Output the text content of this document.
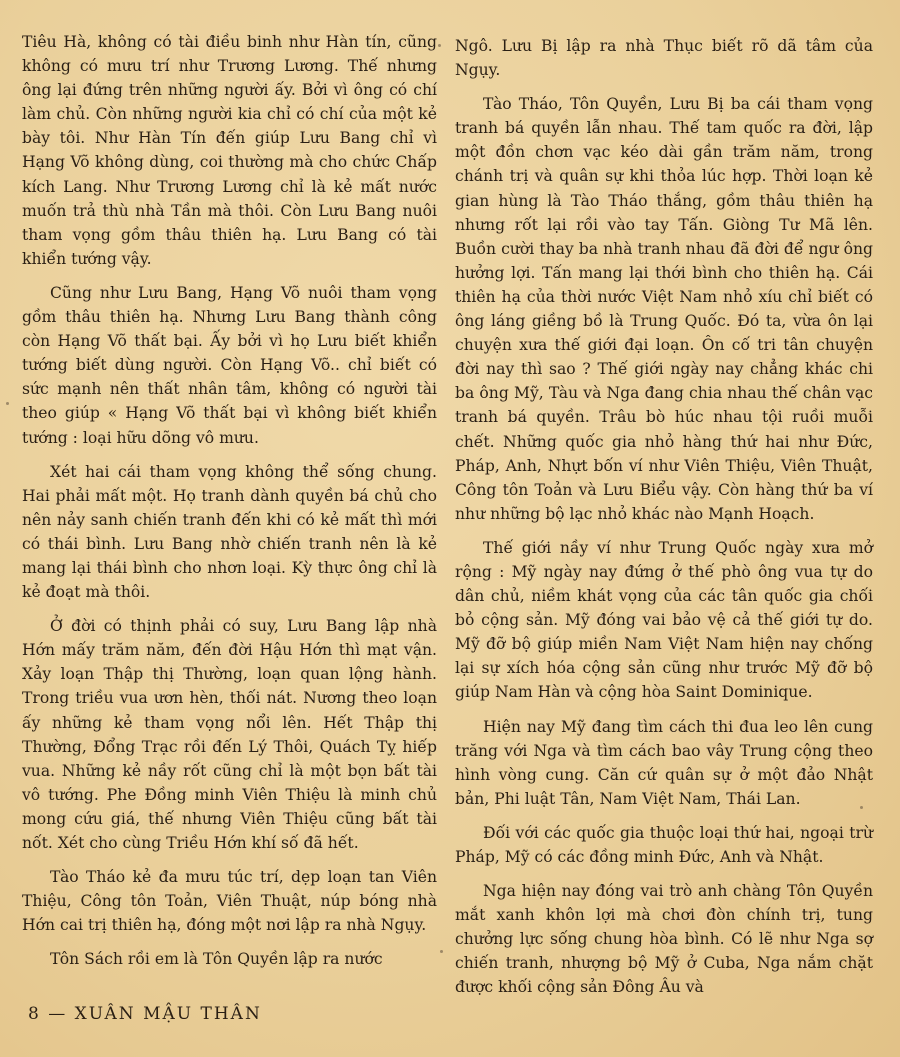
Tiêu Hà, không có tài điều binh như Hàn tín, cũng không có mưu trí như Trương Lương. Thế nhưng ông lại đứng trên những người ấy. Bởi vì ông có chí làm chủ. Còn những người kia chỉ có chí của một kẻ bày tôi. Như Hàn Tín đến giúp Lưu Bang chỉ vì Hạng Võ không dùng, coi thường mà cho chức Chấp kích Lang. Như Trương Lương chỉ là kẻ mất nước muốn trả thù nhà Tần mà thôi. Còn Lưu Bang nuôi tham vọng gồm thâu thiên hạ. Lưu Bang có tài khiển tướng vậy.

Cũng như Lưu Bang, Hạng Võ nuôi tham vọng gồm thâu thiên hạ. Nhưng Lưu Bang thành công còn Hạng Võ thất bại. Ấy bởi vì họ Lưu biết khiển tướng biết dùng người. Còn Hạng Võ.. chỉ biết có sức mạnh nên thất nhân tâm, không có người tài theo giúp « Hạng Võ thất bại vì không biết khiển tướng : loại hữu dõng vô mưu.

Xét hai cái tham vọng không thể sống chung. Hai phải mất một. Họ tranh dành quyền bá chủ cho nên nảy sanh chiến tranh đến khi có kẻ mất thì mới có thái bình. Lưu Bang nhờ chiến tranh nên là kẻ mang lại thái bình cho nhơn loại. Kỳ thực ông chỉ là kẻ đoạt mà thôi.

Ở đời có thịnh phải có suy, Lưu Bang lập nhà Hớn mấy trăm năm, đến đời Hậu Hớn thì mạt vận. Xảy loạn Thập thị Thường, loạn quan lộng hành. Trong triều vua ươn hèn, thối nát. Nương theo loạn ấy những kẻ tham vọng nổi lên. Hết Thập thị Thường, Đổng Trạc rồi đến Lý Thôi, Quách Tỵ hiếp vua. Những kẻ nầy rốt cũng chỉ là một bọn bất tài vô tướng. Phe Đồng minh Viên Thiệu là minh chủ mong cứu giá, thế nhưng Viên Thiệu cũng bất tài nốt. Xét cho cùng Triều Hớn khí số đã hết.

Tào Tháo kẻ đa mưu túc trí, dẹp loạn tan Viên Thiệu, Công tôn Toản, Viên Thuật, núp bóng nhà Hớn cai trị thiên hạ, đóng một nơi lập ra nhà Ngụy.

Tôn Sách rồi em là Tôn Quyền lập ra nước

Ngô. Lưu Bị lập ra nhà Thục biết rõ dã tâm của Ngụy.

Tào Tháo, Tôn Quyền, Lưu Bị ba cái tham vọng tranh bá quyền lẫn nhau. Thế tam quốc ra đời, lập một đồn chơn vạc kéo dài gần trăm năm, trong chánh trị và quân sự khi thỏa lúc hợp. Thời loạn kẻ gian hùng là Tào Tháo thắng, gồm thâu thiên hạ nhưng rốt lại rồi vào tay Tấn. Giòng Tư Mã lên. Buồn cười thay ba nhà tranh nhau đã đời để ngư ông hưởng lợi. Tấn mang lại thới bình cho thiên hạ. Cái thiên hạ của thời nước Việt Nam nhỏ xíu chỉ biết có ông láng giềng bồ là Trung Quốc. Đó ta, vừa ôn lại chuyện xưa thế giới đại loạn. Ôn cố tri tân chuyện đời nay thì sao ? Thế giới ngày nay chẳng khác chi ba ông Mỹ, Tàu và Nga đang chia nhau thế chân vạc tranh bá quyền. Trâu bò húc nhau tội ruồi muỗi chết. Những quốc gia nhỏ hàng thứ hai như Đức, Pháp, Anh, Nhựt bốn ví như Viên Thiệu, Viên Thuật, Công tôn Toản và Lưu Biểu vậy. Còn hàng thứ ba ví như những bộ lạc nhỏ khác nào Mạnh Hoạch.

Thế giới nầy ví như Trung Quốc ngày xưa mở rộng : Mỹ ngày nay đứng ở thế phò ông vua tự do dân chủ, niềm khát vọng của các tân quốc gia chối bỏ cộng sản. Mỹ đóng vai bảo vệ cả thế giới tự do. Mỹ đỡ bộ giúp miền Nam Việt Nam hiện nay chống lại sự xích hóa cộng sản cũng như trước Mỹ đỡ bộ giúp Nam Hàn và cộng hòa Saint Dominique.

Hiện nay Mỹ đang tìm cách thi đua leo lên cung trăng với Nga và tìm cách bao vây Trung cộng theo hình vòng cung. Căn cứ quân sự ở một đảo Nhật bản, Phi luật Tân, Nam Việt Nam, Thái Lan.

Đối với các quốc gia thuộc loại thứ hai, ngoại trừ Pháp, Mỹ có các đồng minh Đức, Anh và Nhật.

Nga hiện nay đóng vai trò anh chàng Tôn Quyền mắt xanh khôn lợi mà chơi đòn chính trị, tung chưởng lực sống chung hòa bình. Có lẽ như Nga sợ chiến tranh, nhượng bộ Mỹ ở Cuba, Nga nắm chặt được khối cộng sản Đông Âu và

8 — XUÂN MẬU THÂN
